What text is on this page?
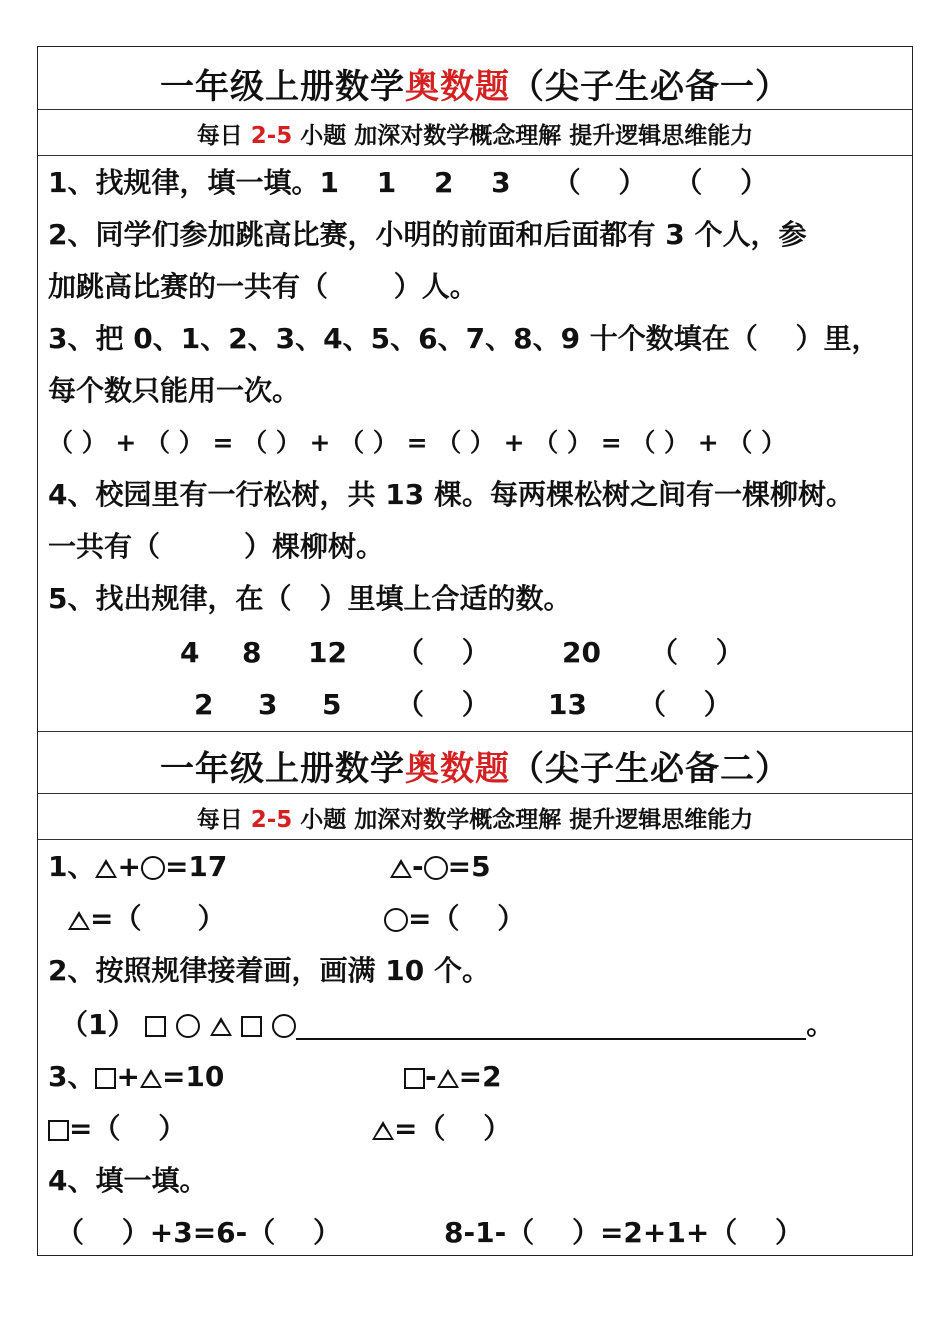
一年级上册数学奥数题（尖子生必备一）
每日 2-5 小题 加深对数学概念理解 提升逻辑思维能力
1、找规律，填一填。1　 1　 2　 3　　（　 ）　　（　 ）
2、同学们参加跳高比赛，小明的前面和后面都有 3 个人，参
加跳高比赛的一共有（　　 ）人。
3、把 0、1、2、3、4、5、6、7、8、9 十个数填在（　 ）里，
每个数只能用一次。
（ ） + （ ） = （ ） + （ ） = （ ） + （ ） = （ ） + （ ）
4、校园里有一行松树，共 13 棵。每两棵松树之间有一棵柳树。
一共有（　　　）棵柳树。
5、找出规律，在（　）里填上合适的数。
4 8 12 （　 ）	20 （　 ）
2 3 5 （　 ） 13 （　 ）
一年级上册数学奥数题（尖子生必备二）
每日 2-5 小题 加深对数学概念理解 提升逻辑思维能力
1、 + =17	- =5
=（　　）	=（　 ）
2、按照规律接着画，画满 10 个。
（1）	。
3、 + =10	- =2
=（　 ）	=（　 ）
4、填一填。
（　 ）+3=6-（　 ）	8-1-（　 ）=2+1+（　 ）
